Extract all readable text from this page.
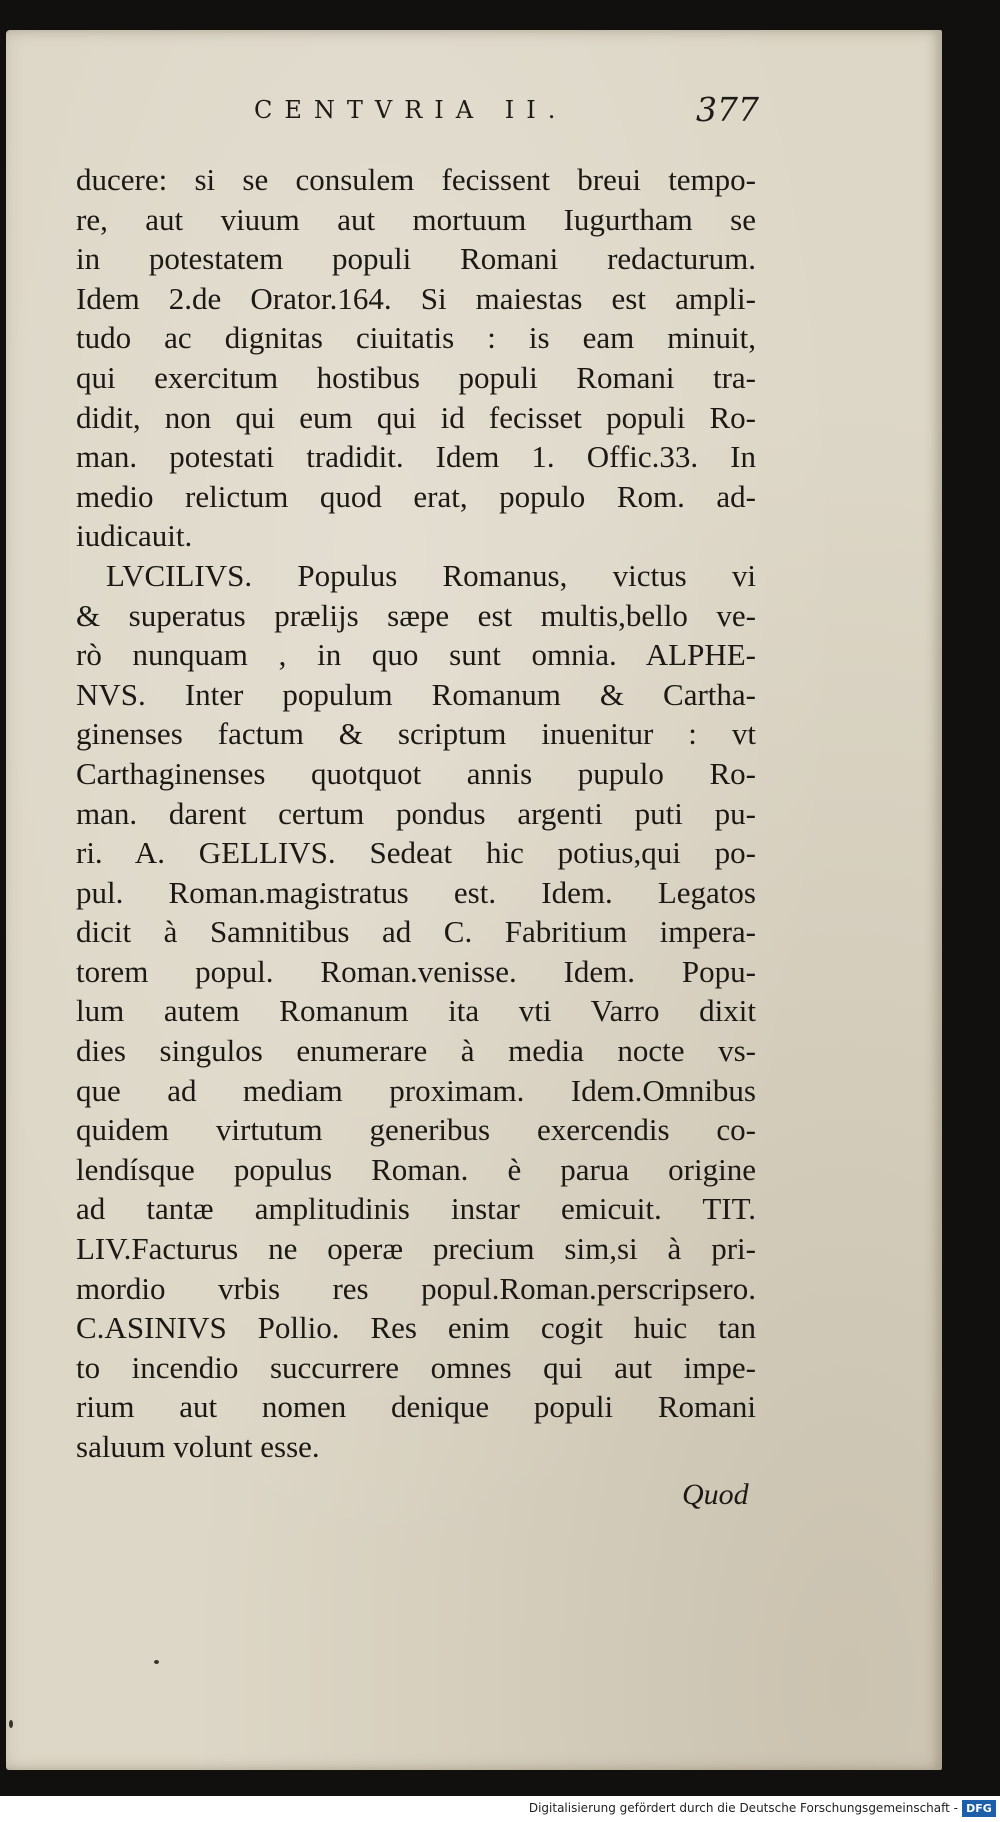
CENTVRIA II.	377
ducere: si se consulem fecissent breui tempo-
re, aut viuum aut mortuum Iugurtham se
in potestatem populi Romani redacturum.
Idem 2.de Orator.164. Si maiestas est ampli-
tudo ac dignitas ciuitatis : is eam minuit,
qui exercitum hostibus populi Romani tra-
didit, non qui eum qui id fecisset populi Ro-
man. potestati tradidit. Idem 1. Offic.33. In
medio relictum quod erat, populo Rom. ad-
iudicauit.
LVCILIVS. Populus Romanus, victus vi
& superatus prælijs sæpe est multis,bello ve-
rò nunquam , in quo sunt omnia. ALPHE-
NVS. Inter populum Romanum & Cartha-
ginenses factum & scriptum inuenitur : vt
Carthaginenses quotquot annis pupulo Ro-
man. darent certum pondus argenti puti pu-
ri. A. GELLIVS. Sedeat hic potius,qui po-
pul. Roman.magistratus est. Idem. Legatos
dicit à Samnitibus ad C. Fabritium impera-
torem popul. Roman.venisse. Idem. Popu-
lum autem Romanum ita vti Varro dixit
dies singulos enumerare à media nocte vs-
que ad mediam proximam. Idem.Omnibus
quidem virtutum generibus exercendis co-
lendísque populus Roman. è parua origine
ad tantæ amplitudinis instar emicuit. TIT.
LIV.Facturus ne operæ precium sim,si à pri-
mordio vrbis res popul.Roman.perscripsero.
C.ASINIVS Pollio. Res enim cogit huic tan
to incendio succurrere omnes qui aut impe-
rium aut nomen denique populi Romani
saluum volunt esse.
Quod
Digitalisierung gefördert durch die Deutsche Forschungsgemeinschaft - DFG
